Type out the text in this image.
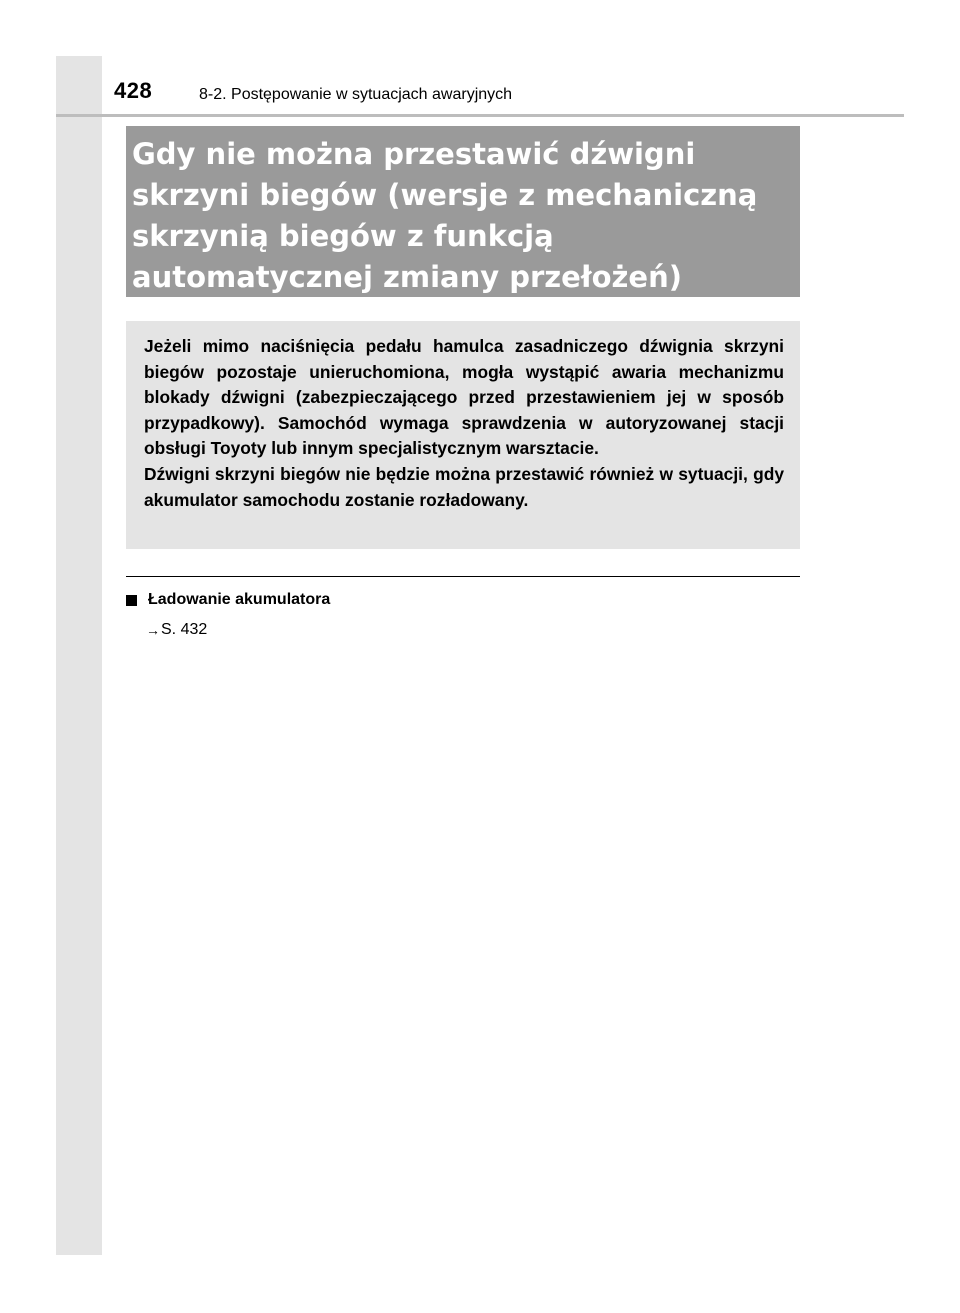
428	8-2. Postępowanie w sytuacjach awaryjnych
Gdy nie można przestawić dźwigni skrzyni biegów (wersje z mechaniczną skrzynią biegów z funkcją automatycznej zmiany przełożeń)

Jeżeli mimo naciśnięcia pedału hamulca zasadniczego dźwignia skrzyni biegów pozostaje unieruchomiona, mogła wystąpić awaria mechanizmu blokady dźwigni (zabezpieczającego przed przestawieniem jej w sposób przypadkowy). Samochód wymaga sprawdzenia w autoryzowanej stacji obsługi Toyoty lub innym specjalistycznym warsztacie.

Dźwigni skrzyni biegów nie będzie można przestawić również w sytuacji, gdy akumulator samochodu zostanie rozładowany.

Ładowanie akumulatora
→ S. 432
